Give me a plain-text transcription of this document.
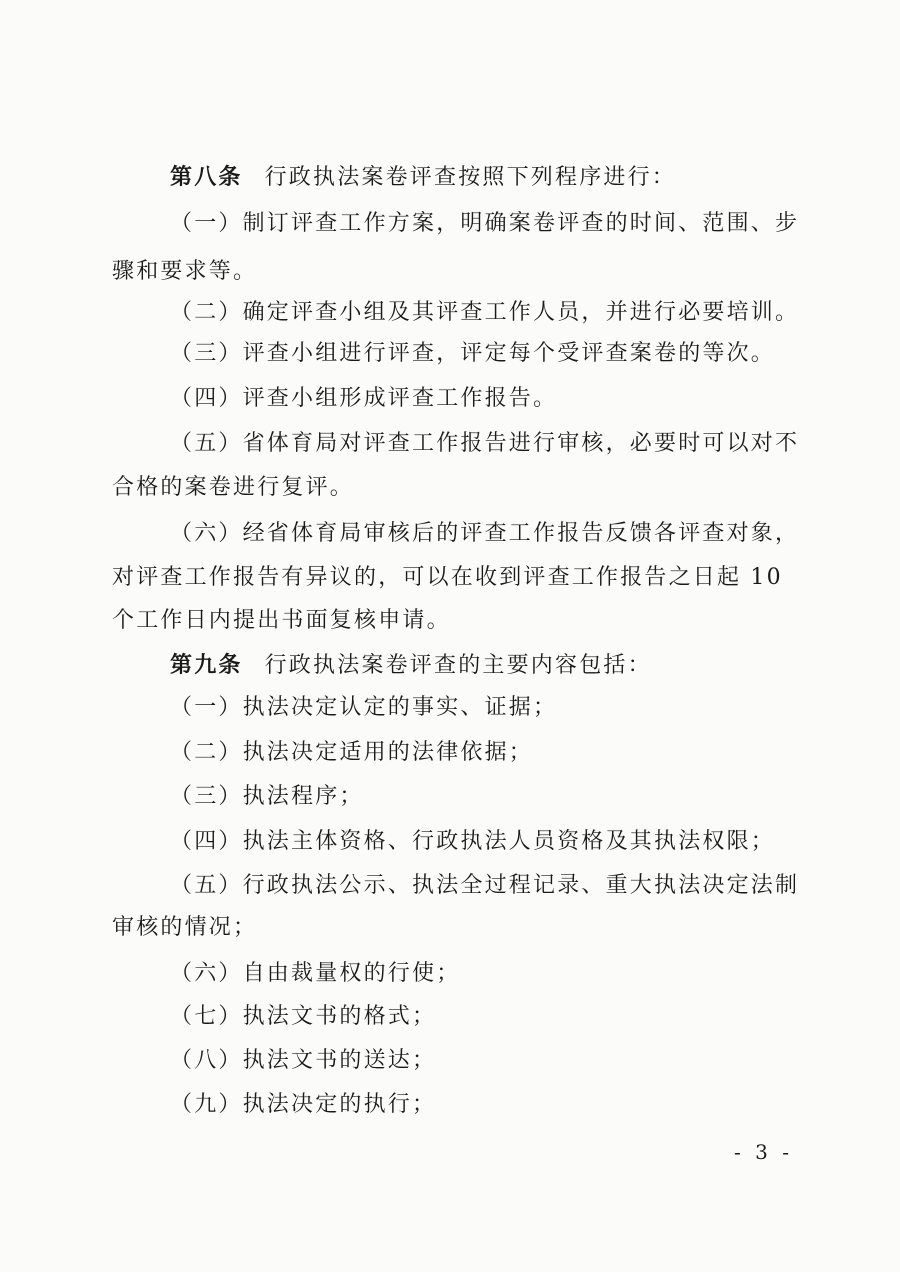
第八条 行政执法案卷评查按照下列程序进行：
（一）制订评查工作方案，明确案卷评查的时间、范围、步
骤和要求等。
（二）确定评查小组及其评查工作人员，并进行必要培训。
（三）评查小组进行评查，评定每个受评查案卷的等次。
（四）评查小组形成评查工作报告。
（五）省体育局对评查工作报告进行审核，必要时可以对不
合格的案卷进行复评。
（六）经省体育局审核后的评查工作报告反馈各评查对象，
对评查工作报告有异议的，可以在收到评查工作报告之日起 10
个工作日内提出书面复核申请。
第九条 行政执法案卷评查的主要内容包括：
（一）执法决定认定的事实、证据；
（二）执法决定适用的法律依据；
（三）执法程序；
（四）执法主体资格、行政执法人员资格及其执法权限；
（五）行政执法公示、执法全过程记录、重大执法决定法制
审核的情况；
（六）自由裁量权的行使；
（七）执法文书的格式；
（八）执法文书的送达；
（九）执法决定的执行；
- 3 -
